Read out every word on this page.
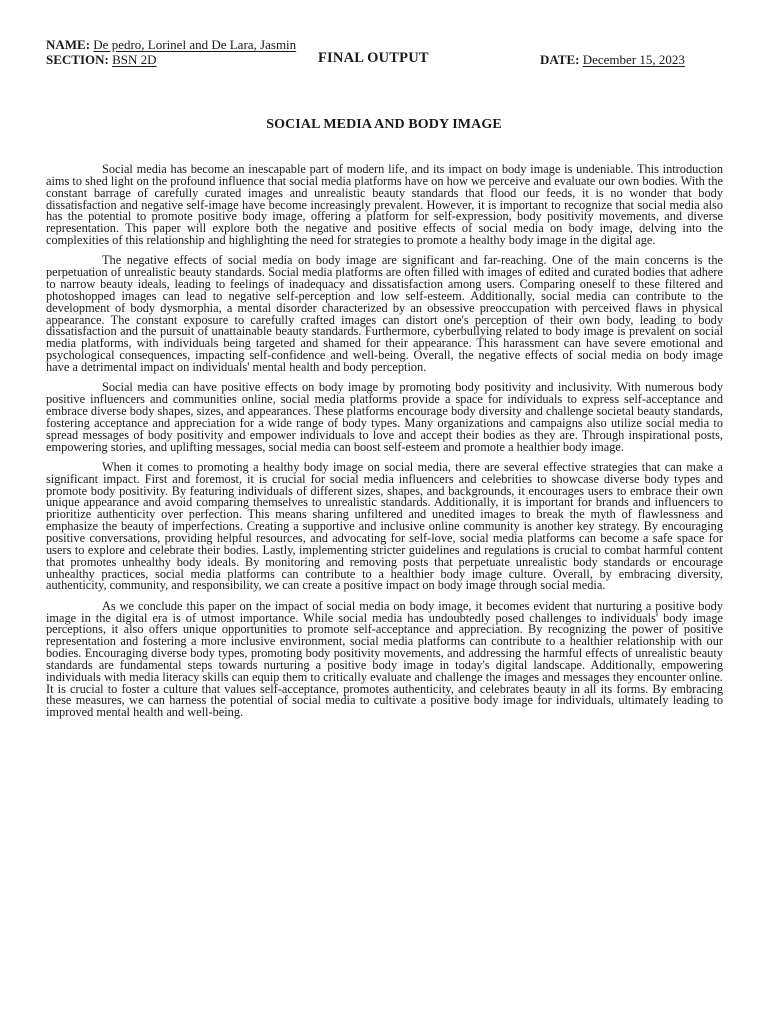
NAME: De pedro, Lorinel and De Lara, Jasmin
SECTION: BSN 2D	FINAL OUTPUT	DATE: December 15, 2023
SOCIAL MEDIA AND BODY IMAGE

Social media has become an inescapable part of modern life, and its impact on body image is undeniable. This introduction aims to shed light on the profound influence that social media platforms have on how we perceive and evaluate our own bodies. With the constant barrage of carefully curated images and unrealistic beauty standards that flood our feeds, it is no wonder that body dissatisfaction and negative self-image have become increasingly prevalent. However, it is important to recognize that social media also has the potential to promote positive body image, offering a platform for self-expression, body positivity movements, and diverse representation. This paper will explore both the negative and positive effects of social media on body image, delving into the complexities of this relationship and highlighting the need for strategies to promote a healthy body image in the digital age.

The negative effects of social media on body image are significant and far-reaching. One of the main concerns is the perpetuation of unrealistic beauty standards. Social media platforms are often filled with images of edited and curated bodies that adhere to narrow beauty ideals, leading to feelings of inadequacy and dissatisfaction among users. Comparing oneself to these filtered and photoshopped images can lead to negative self-perception and low self-esteem. Additionally, social media can contribute to the development of body dysmorphia, a mental disorder characterized by an obsessive preoccupation with perceived flaws in physical appearance. The constant exposure to carefully crafted images can distort one's perception of their own body, leading to body dissatisfaction and the pursuit of unattainable beauty standards. Furthermore, cyberbullying related to body image is prevalent on social media platforms, with individuals being targeted and shamed for their appearance. This harassment can have severe emotional and psychological consequences, impacting self-confidence and well-being. Overall, the negative effects of social media on body image have a detrimental impact on individuals' mental health and body perception.

Social media can have positive effects on body image by promoting body positivity and inclusivity. With numerous body positive influencers and communities online, social media platforms provide a space for individuals to express self-acceptance and embrace diverse body shapes, sizes, and appearances. These platforms encourage body diversity and challenge societal beauty standards, fostering acceptance and appreciation for a wide range of body types. Many organizations and campaigns also utilize social media to spread messages of body positivity and empower individuals to love and accept their bodies as they are. Through inspirational posts, empowering stories, and uplifting messages, social media can boost self-esteem and promote a healthier body image.

When it comes to promoting a healthy body image on social media, there are several effective strategies that can make a significant impact. First and foremost, it is crucial for social media influencers and celebrities to showcase diverse body types and promote body positivity. By featuring individuals of different sizes, shapes, and backgrounds, it encourages users to embrace their own unique appearance and avoid comparing themselves to unrealistic standards. Additionally, it is important for brands and influencers to prioritize authenticity over perfection. This means sharing unfiltered and unedited images to break the myth of flawlessness and emphasize the beauty of imperfections. Creating a supportive and inclusive online community is another key strategy. By encouraging positive conversations, providing helpful resources, and advocating for self-love, social media platforms can become a safe space for users to explore and celebrate their bodies. Lastly, implementing stricter guidelines and regulations is crucial to combat harmful content that promotes unhealthy body ideals. By monitoring and removing posts that perpetuate unrealistic body standards or encourage unhealthy practices, social media platforms can contribute to a healthier body image culture. Overall, by embracing diversity, authenticity, community, and responsibility, we can create a positive impact on body image through social media.

As we conclude this paper on the impact of social media on body image, it becomes evident that nurturing a positive body image in the digital era is of utmost importance. While social media has undoubtedly posed challenges to individuals' body image perceptions, it also offers unique opportunities to promote self-acceptance and appreciation. By recognizing the power of positive representation and fostering a more inclusive environment, social media platforms can contribute to a healthier relationship with our bodies. Encouraging diverse body types, promoting body positivity movements, and addressing the harmful effects of unrealistic beauty standards are fundamental steps towards nurturing a positive body image in today's digital landscape. Additionally, empowering individuals with media literacy skills can equip them to critically evaluate and challenge the images and messages they encounter online. It is crucial to foster a culture that values self-acceptance, promotes authenticity, and celebrates beauty in all its forms. By embracing these measures, we can harness the potential of social media to cultivate a positive body image for individuals, ultimately leading to improved mental health and well-being.
